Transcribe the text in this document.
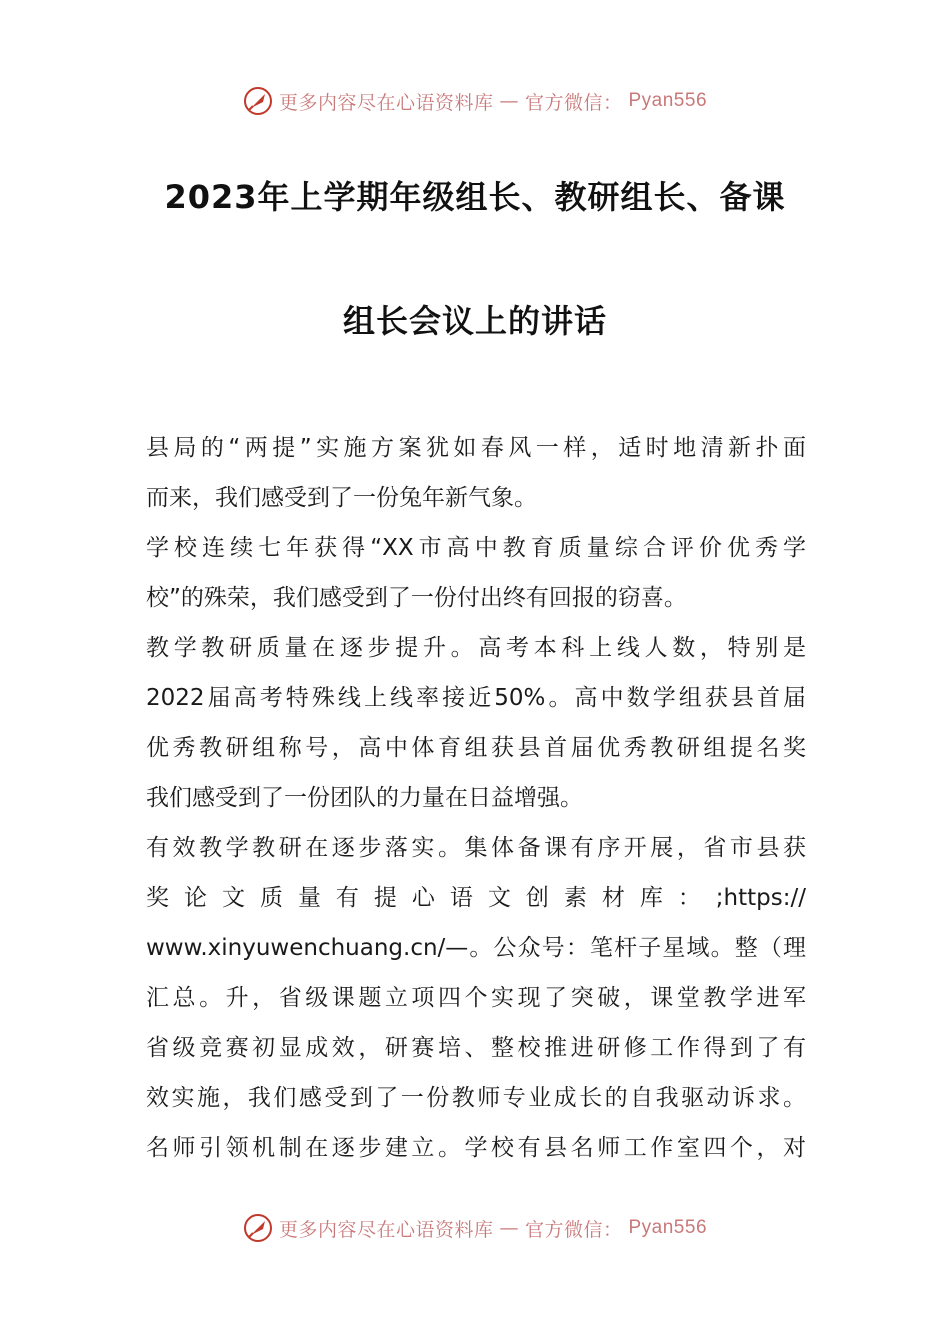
更多内容尽在心语资料库 — 官方微信： Pyan556
2023年上学期年级组长、教研组长、备课
组长会议上的讲话
县局的“两提”实施方案犹如春风一样，适时地清新扑面
而来，我们感受到了一份兔年新气象。
学校连续七年获得“XX市高中教育质量综合评价优秀学
校”的殊荣，我们感受到了一份付出终有回报的窃喜。
教学教研质量在逐步提升。高考本科上线人数，特别是
2022届高考特殊线上线率接近50%。高中数学组获县首届
优秀教研组称号，高中体育组获县首届优秀教研组提名奖
我们感受到了一份团队的力量在日益增强。
有效教学教研在逐步落实。集体备课有序开展，省市县获
奖 论 文 质 量 有 提 心 语 文 创 素 材 库 ： ;https://
www.xinyuwenchuang.cn/—。公众号：笔杆子星域。整（理
汇总。升，省级课题立项四个实现了突破，课堂教学进军
省级竞赛初显成效，研赛培、整校推进研修工作得到了有
效实施，我们感受到了一份教师专业成长的自我驱动诉求。
名师引领机制在逐步建立。学校有县名师工作室四个，对
更多内容尽在心语资料库 — 官方微信： Pyan556
